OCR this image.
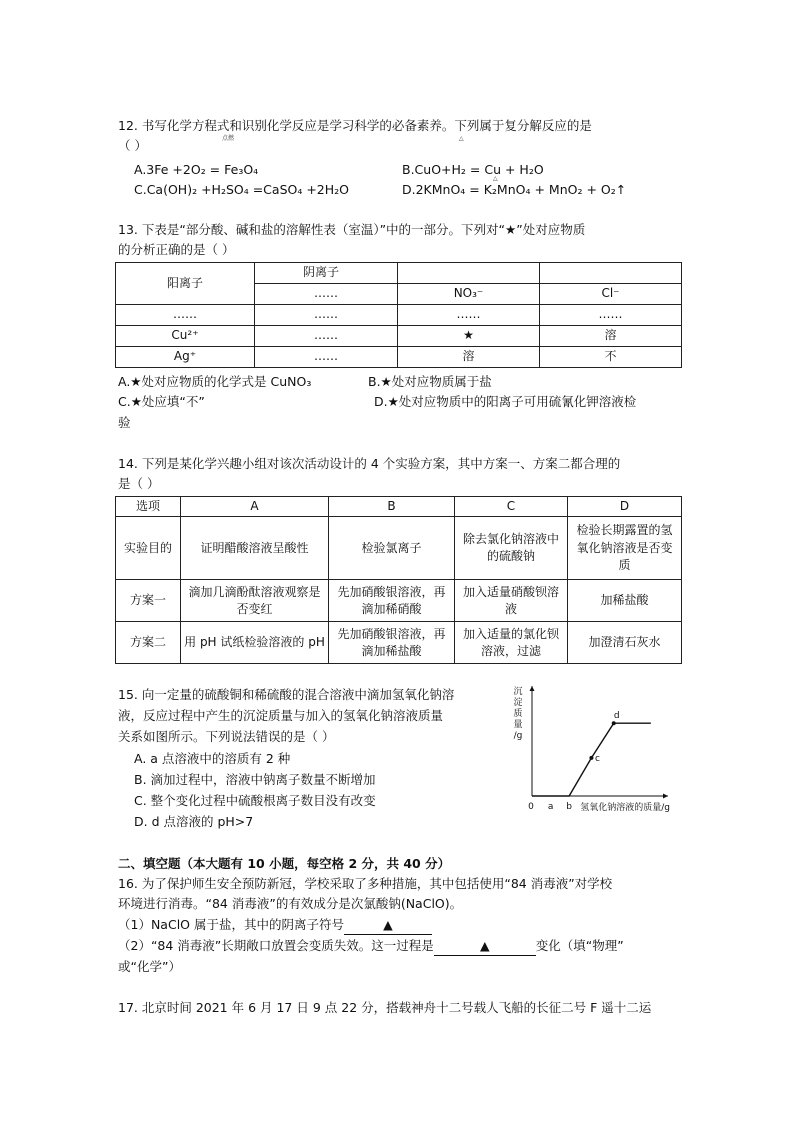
12. 书写化学方程式和识别化学反应是学习科学的必备素养。下列属于复分解反应的是
点燃	△
（ ）
A.3Fe +2O₂ = Fe₃O₄	B.CuO+H₂ = Cu + H₂O
△
C.Ca(OH)₂ +H₂SO₄ =CaSO₄ +2H₂O	D.2KMnO₄ = K₂MnO₄ + MnO₂ + O₂↑
13. 下表是“部分酸、碱和盐的溶解性表（室温）”中的一部分。下列对“★”处对应物质
的分析正确的是（ ）
阳离子	阴离子		
	……	NO₃⁻	Cl⁻
……	……	……	……
Cu²⁺	……	★	溶
Ag⁺	……	溶	不
A.★处对应物质的化学式是 CuNO₃	B.★处对应物质属于盐
C.★处应填“不”	D.★处对应物质中的阳离子可用硫氰化钾溶液检
验
14. 下列是某化学兴趣小组对该次活动设计的 4 个实验方案，其中方案一、方案二都合理的
是（ ）
选项	A	B	C	D
实验目的	证明醋酸溶液呈酸性	检验氯离子	除去氯化钠溶液中的硫酸钠	检验长期露置的氢氧化钠溶液是否变质
方案一	滴加几滴酚酞溶液观察是否变红	先加硝酸银溶液，再滴加稀硝酸	加入适量硝酸钡溶液	加稀盐酸
方案二	用 pH 试纸检验溶液的 pH	先加硝酸银溶液，再滴加稀盐酸	加入适量的氯化钡溶液，过滤	加澄清石灰水
15. 向一定量的硫酸铜和稀硫酸的混合溶液中滴加氢氧化钠溶
液，反应过程中产生的沉淀质量与加入的氢氧化钠溶液质量
关系如图所示。下列说法错误的是（ ）
A. a 点溶液中的溶质有 2 种
B. 滴加过程中，溶液中钠离子数量不断增加
C. 整个变化过程中硫酸根离子数目没有改变
D. d 点溶液的 pH>7
沉淀质量/g
氢氧化钠溶液的质量/g
0 a b
c
d
二、填空题（本大题有 10 小题，每空格 2 分，共 40 分）
16. 为了保护师生安全预防新冠，学校采取了多种措施，其中包括使用“84 消毒液”对学校
环境进行消毒。“84 消毒液”的有效成分是次氯酸钠(NaClO)。
（1）NaClO 属于盐，其中的阴离子符号	▲
（2）“84 消毒液”长期敞口放置会变质失效。这一过程是	▲	变化（填“物理”
或“化学”）
17. 北京时间 2021 年 6 月 17 日 9 点 22 分，搭载神舟十二号载人飞船的长征二号 F 遥十二运
